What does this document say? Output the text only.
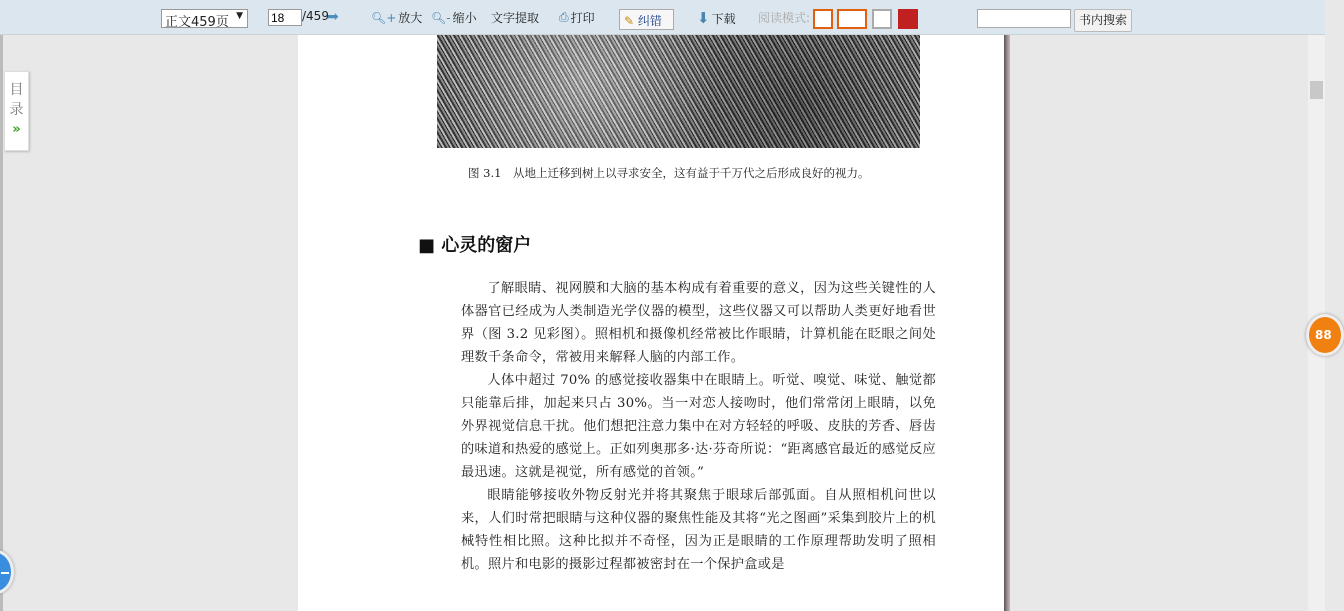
正文459页 ▼
18	/459
➡	🔍︎+ 放大 🔍︎- 缩小 文字提取 ⎙ 打印	✎ 纠错	⬇ 下载 阅读模式:	书内搜索
目
录
»
图 3.1　从地上迁移到树上以寻求安全，这有益于千万代之后形成良好的视力。
■ 心灵的窗户

了解眼睛、视网膜和大脑的基本构成有着重要的意义，因为这些关键性的人体器官已经成为人类制造光学仪器的模型，这些仪器又可以帮助人类更好地看世界（图 3.2 见彩图）。照相机和摄像机经常被比作眼睛，计算机能在眨眼之间处理数千条命令，常被用来解释人脑的内部工作。

人体中超过 70% 的感觉接收器集中在眼睛上。听觉、嗅觉、味觉、触觉都只能靠后排，加起来只占 30%。当一对恋人接吻时，他们常常闭上眼睛，以免外界视觉信息干扰。他们想把注意力集中在对方轻轻的呼吸、皮肤的芳香、唇齿的味道和热爱的感觉上。正如列奥那多·达·芬奇所说：“距离感官最近的感觉反应最迅速。这就是视觉，所有感觉的首领。”

眼睛能够接收外物反射光并将其聚焦于眼球后部弧面。自从照相机问世以来，人们时常把眼睛与这种仪器的聚焦性能及其将“光之图画”采集到胶片上的机械特性相比照。这种比拟并不奇怪，因为正是眼睛的工作原理帮助发明了照相机。照片和电影的摄影过程都被密封在一个保护盒或是

88
